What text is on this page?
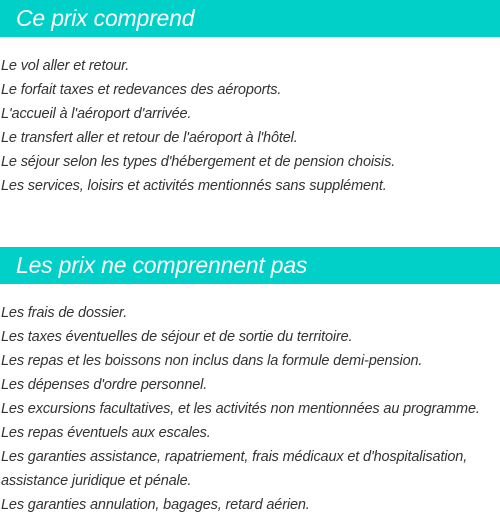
Ce prix comprend
Le vol aller et retour.
Le forfait taxes et redevances des aéroports.
L'accueil à l'aéroport d'arrivée.
Le transfert aller et retour de l'aéroport à l'hôtel.
Le séjour selon les types d'hébergement et de pension choisis.
Les services, loisirs et activités mentionnés sans supplément.
Les prix ne comprennent pas
Les frais de dossier.
Les taxes éventuelles de séjour et de sortie du territoire.
Les repas et les boissons non inclus dans la formule demi-pension.
Les dépenses d'ordre personnel.
Les excursions facultatives, et les activités non mentionnées au programme.
Les repas éventuels aux escales.
Les garanties assistance, rapatriement, frais médicaux et d'hospitalisation, assistance juridique et pénale.
Les garanties annulation, bagages, retard aérien.
